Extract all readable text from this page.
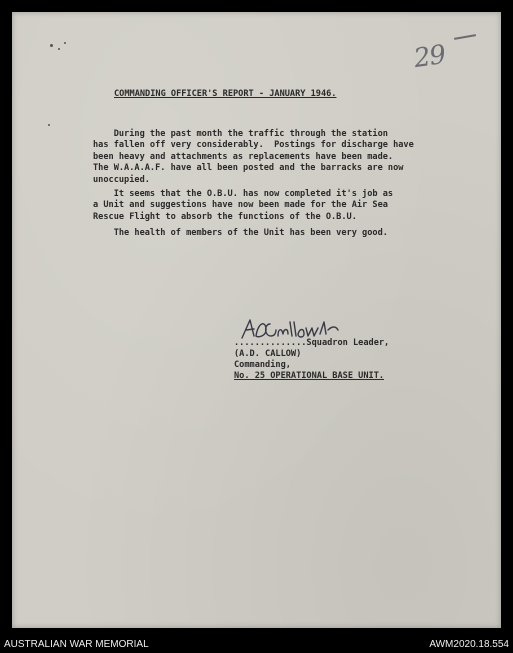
29
COMMANDING OFFICER'S REPORT - JANUARY 1946.
During the past month the traffic through the station
has fallen off very considerably.  Postings for discharge have
been heavy and attachments as replacements have been made.
The W.A.A.A.F. have all been posted and the barracks are now
unoccupied.
It seems that the O.B.U. has now completed it's job as
a Unit and suggestions have now been made for the Air Sea
Rescue Flight to absorb the functions of the O.B.U.
The health of members of the Unit has been very good.
..............Squadron Leader,
(A.D. CALLOW)
Commanding,
No. 25 OPERATIONAL BASE UNIT.
AUSTRALIAN WAR MEMORIAL	AWM2020.18.554
